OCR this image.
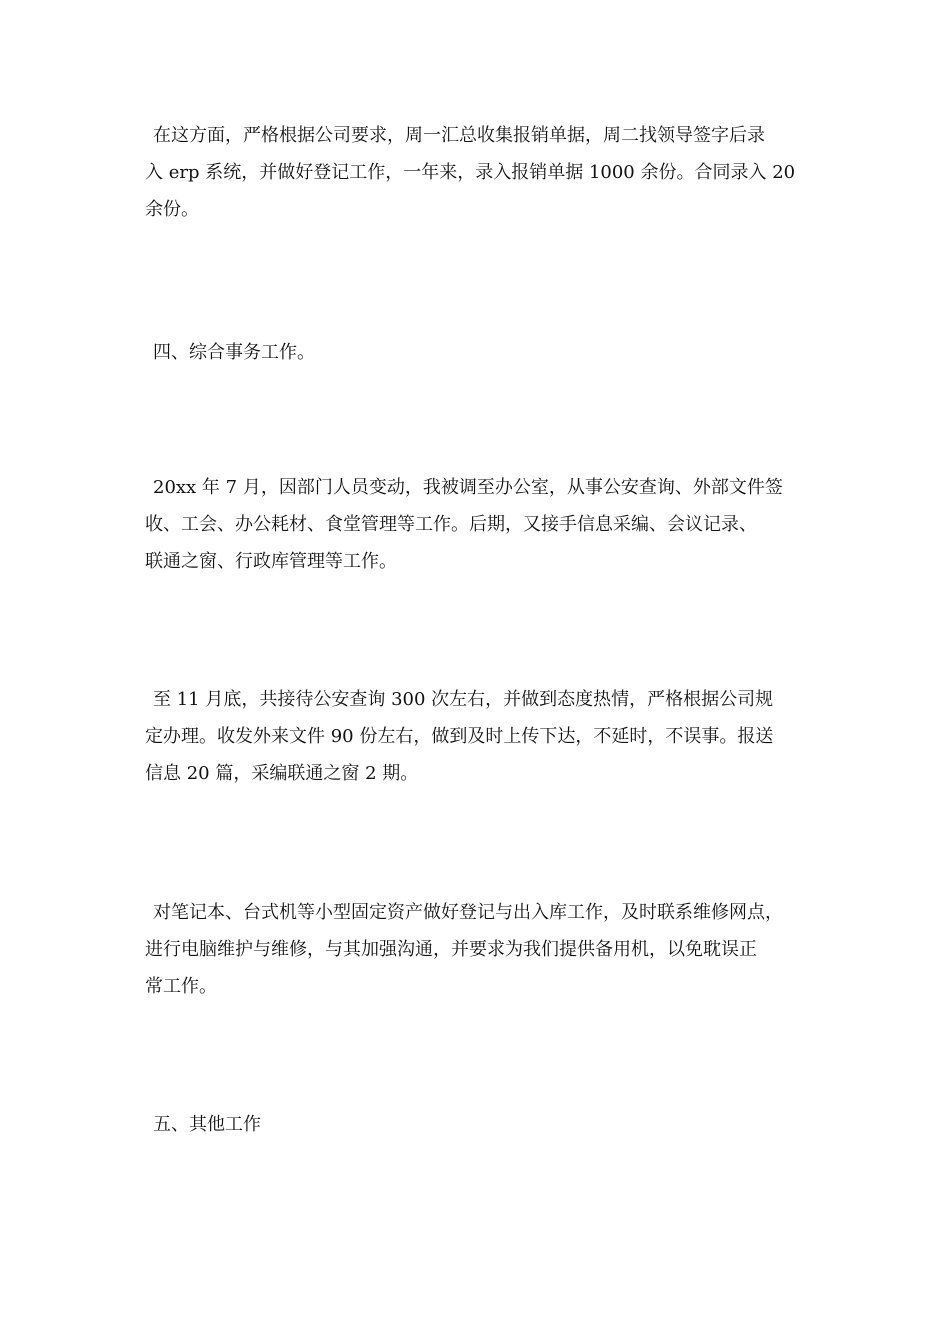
在这方面，严格根据公司要求，周一汇总收集报销单据，周二找领导签字后录
入 erp 系统，并做好登记工作，一年来，录入报销单据 1000 余份。合同录入 20
余份。

四、综合事务工作。

20xx 年 7 月，因部门人员变动，我被调至办公室，从事公安查询、外部文件签
收、工会、办公耗材、食堂管理等工作。后期，又接手信息采编、会议记录、
联通之窗、行政库管理等工作。

至 11 月底，共接待公安查询 300 次左右，并做到态度热情，严格根据公司规
定办理。收发外来文件 90 份左右，做到及时上传下达，不延时，不误事。报送
信息 20 篇，采编联通之窗 2 期。

对笔记本、台式机等小型固定资产做好登记与出入库工作，及时联系维修网点，
进行电脑维护与维修，与其加强沟通，并要求为我们提供备用机，以免耽误正
常工作。

五、其他工作
